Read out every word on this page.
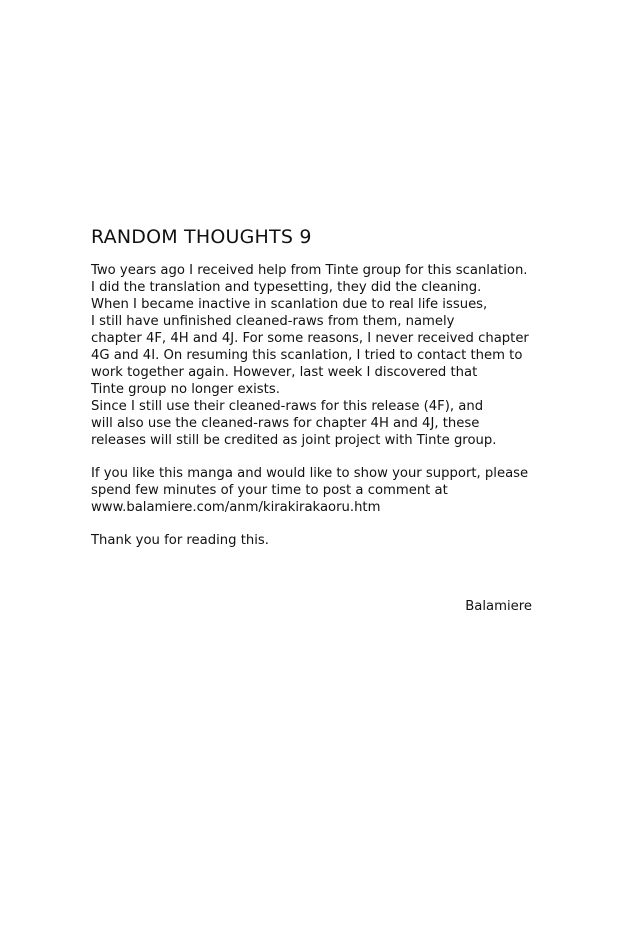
RANDOM THOUGHTS 9
Two years ago I received help from Tinte group for this scanlation.
I did the translation and typesetting, they did the cleaning.
When I became inactive in scanlation due to real life issues,
I still have unfinished cleaned-raws from them, namely
chapter 4F, 4H and 4J. For some reasons, I never received chapter
4G and 4I. On resuming this scanlation, I tried to contact them to
work together again. However, last week I discovered that
Tinte group no longer exists.
Since I still use their cleaned-raws for this release (4F), and
will also use the cleaned-raws for chapter 4H and 4J, these
releases will still be credited as joint project with Tinte group.
If you like this manga and would like to show your support, please
spend few minutes of your time to post a comment at
www.balamiere.com/anm/kirakirakaoru.htm
Thank you for reading this.
Balamiere
